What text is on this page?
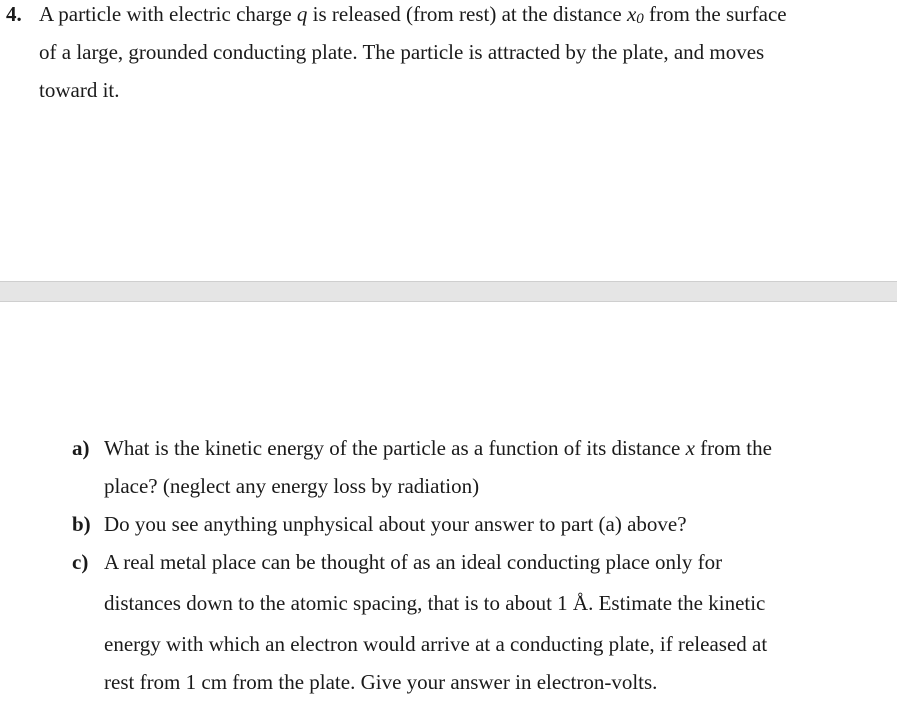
4. A particle with electric charge q is released (from rest) at the distance x0 from the surface
of a large, grounded conducting plate. The particle is attracted by the plate, and moves
toward it.
a) What is the kinetic energy of the particle as a function of its distance x from the
place? (neglect any energy loss by radiation)
b) Do you see anything unphysical about your answer to part (a) above?
c) A real metal place can be thought of as an ideal conducting place only for
distances down to the atomic spacing, that is to about 1 Å. Estimate the kinetic
energy with which an electron would arrive at a conducting plate, if released at
rest from 1 cm from the plate. Give your answer in electron-volts.
